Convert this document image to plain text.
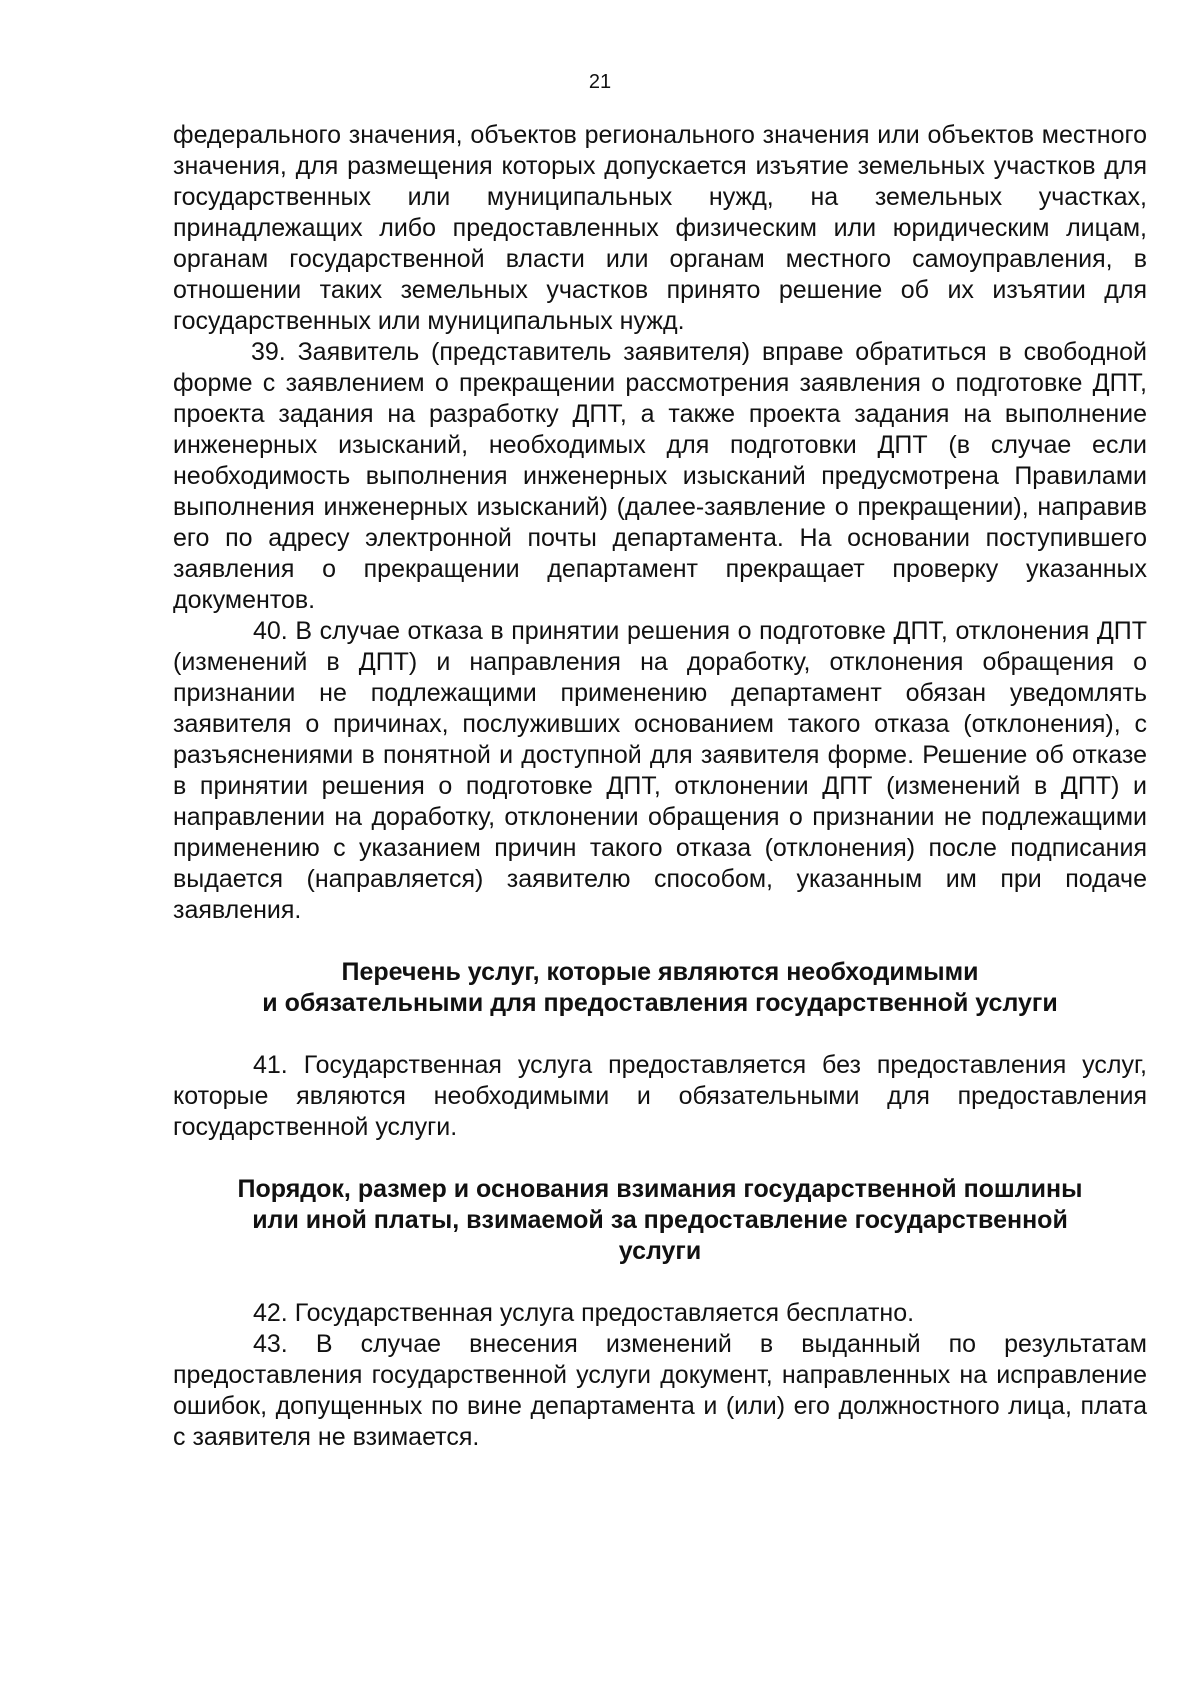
21

федерального значения, объектов регионального значения или объектов местного значения, для размещения которых допускается изъятие земельных участков для государственных или муниципальных нужд, на земельных участках, принадлежащих либо предоставленных физическим или юридическим лицам, органам государственной власти или органам местного самоуправления, в отношении таких земельных участков принято решение об их изъятии для государственных или муниципальных нужд.

39. Заявитель (представитель заявителя) вправе обратиться в свободной форме с заявлением о прекращении рассмотрения заявления о подготовке ДПТ, проекта задания на разработку ДПТ, а также проекта задания на выполнение инженерных изысканий, необходимых для подготовки ДПТ (в случае если необходимость выполнения инженерных изысканий предусмотрена Правилами выполнения инженерных изысканий) (далее-заявление о прекращении), направив его по адресу электронной почты департамента. На основании поступившего заявления о прекращении департамент прекращает проверку указанных документов.

40. В случае отказа в принятии решения о подготовке ДПТ, отклонения ДПТ (изменений в ДПТ) и направления на доработку, отклонения обращения о признании не подлежащими применению департамент обязан уведомлять заявителя о причинах, послуживших основанием такого отказа (отклонения), с разъяснениями в понятной и доступной для заявителя форме. Решение об отказе в принятии решения о подготовке ДПТ, отклонении ДПТ (изменений в ДПТ) и направлении на доработку, отклонении обращения о признании не подлежащими применению с указанием причин такого отказа (отклонения) после подписания выдается (направляется) заявителю способом, указанным им при подаче заявления.

Перечень услуг, которые являются необходимыми

и обязательными для предоставления государственной услуги

41. Государственная услуга предоставляется без предоставления услуг, которые являются необходимыми и обязательными для предоставления государственной услуги.

Порядок, размер и основания взимания государственной пошлины

или иной платы, взимаемой за предоставление государственной

услуги

42. Государственная услуга предоставляется бесплатно.

43. В случае внесения изменений в выданный по результатам предоставления государственной услуги документ, направленных на исправление ошибок, допущенных по вине департамента и (или) его должностного лица, плата с заявителя не взимается.
